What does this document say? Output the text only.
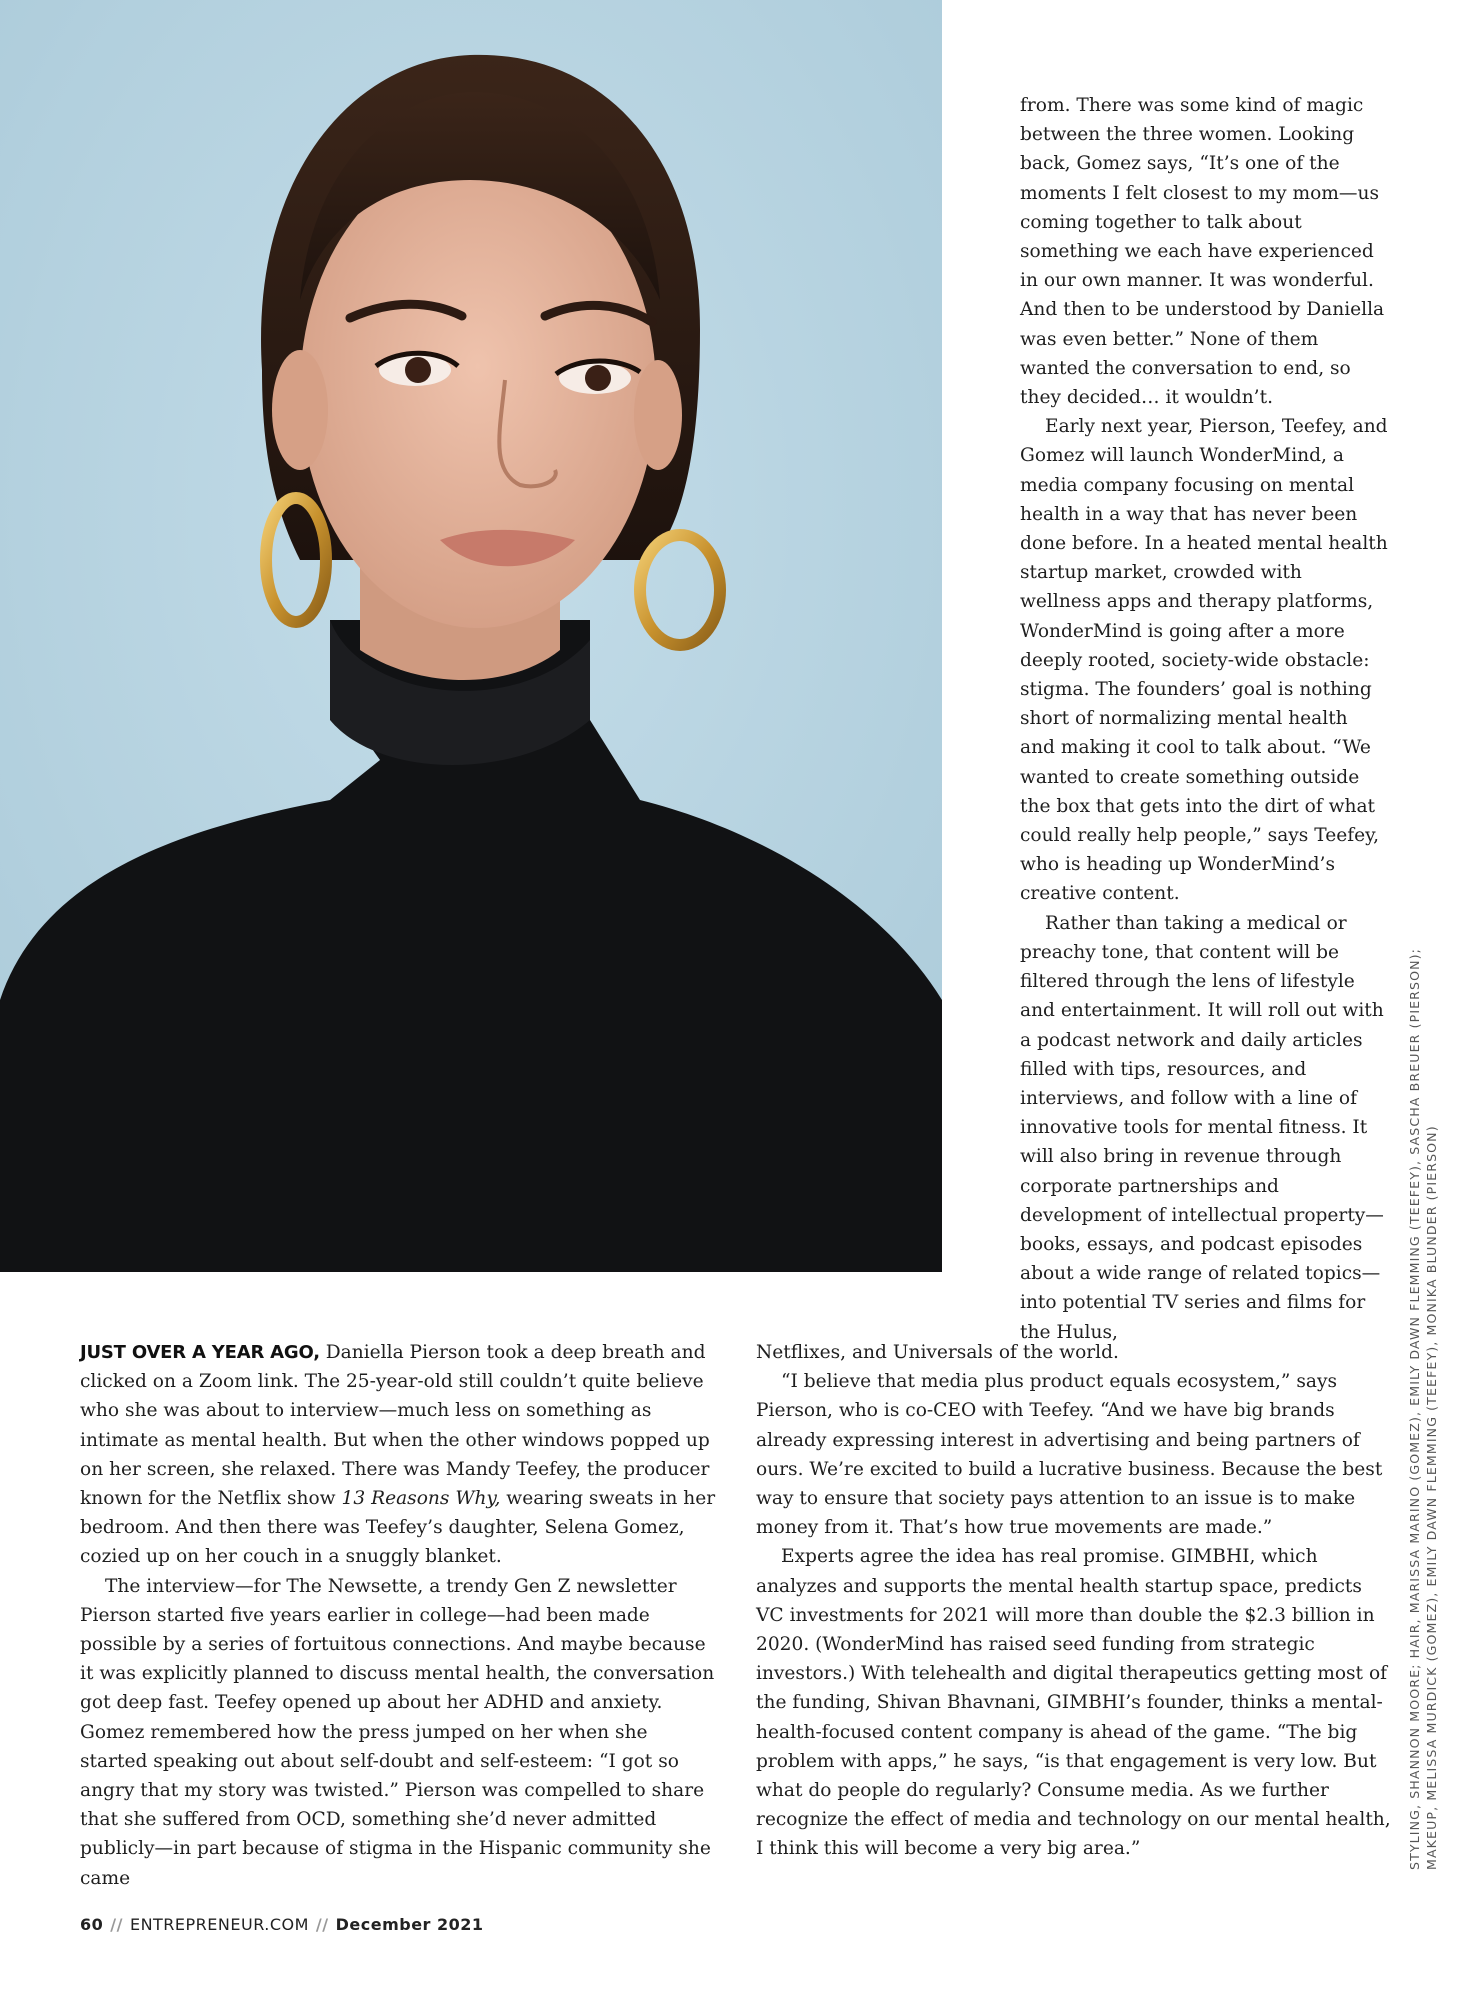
from. There was some kind of magic between the three women. Looking back, Gomez says, “It’s one of the moments I felt closest to my mom—us coming together to talk about something we each have experienced in our own manner. It was wonderful. And then to be understood by Daniella was even better.” None of them wanted the conversation to end, so they decided… it wouldn’t.

Early next year, Pierson, Teefey, and Gomez will launch WonderMind, a media company focusing on mental health in a way that has never been done before. In a heated mental health startup market, crowded with wellness apps and therapy platforms, WonderMind is going after a more deeply rooted, society-wide obstacle: stigma. The founders’ goal is nothing short of normalizing mental health and making it cool to talk about. “We wanted to create something outside the box that gets into the dirt of what could really help people,” says Teefey, who is heading up WonderMind’s creative content.

Rather than taking a medical or preachy tone, that content will be filtered through the lens of lifestyle and entertainment. It will roll out with a podcast network and daily articles filled with tips, resources, and interviews, and follow with a line of innovative tools for mental fitness. It will also bring in revenue through corporate partnerships and development of intellectual property—books, essays, and podcast episodes about a wide range of related topics—into potential TV series and films for the Hulus,

JUST OVER A YEAR AGO, Daniella Pierson took a deep breath and clicked on a Zoom link. The 25-year-old still couldn’t quite believe who she was about to interview—much less on something as intimate as mental health. But when the other windows popped up on her screen, she relaxed. There was Mandy Teefey, the producer known for the Netflix show 13 Reasons Why, wearing sweats in her bedroom. And then there was Teefey’s daughter, Selena Gomez, cozied up on her couch in a snuggly blanket.

The interview—for The Newsette, a trendy Gen Z newsletter Pierson started five years earlier in college—had been made possible by a series of fortuitous connections. And maybe because it was explicitly planned to discuss mental health, the conversation got deep fast. Teefey opened up about her ADHD and anxiety. Gomez remembered how the press jumped on her when she started speaking out about self-doubt and self-esteem: “I got so angry that my story was twisted.” Pierson was compelled to share that she suffered from OCD, something she’d never admitted publicly—in part because of stigma in the Hispanic community she came

Netflixes, and Universals of the world.

“I believe that media plus product equals ecosystem,” says Pierson, who is co-CEO with Teefey. “And we have big brands already expressing interest in advertising and being partners of ours. We’re excited to build a lucrative business. Because the best way to ensure that society pays attention to an issue is to make money from it. That’s how true movements are made.”

Experts agree the idea has real promise. GIMBHI, which analyzes and supports the mental health startup space, predicts VC investments for 2021 will more than double the $2.3 billion in 2020. (WonderMind has raised seed funding from strategic investors.) With telehealth and digital therapeutics getting most of the funding, Shivan Bhavnani, GIMBHI’s founder, thinks a mental-health-focused content company is ahead of the game. “The big problem with apps,” he says, “is that engagement is very low. But what do people do regularly? Consume media. As we further recognize the effect of media and technology on our mental health, I think this will become a very big area.”	STYLING, SHANNON MOORE; HAIR, MARISSA MARINO (GOMEZ), EMILY DAWN FLEMMING (TEEFEY), SASCHA BREUER (PIERSON); MAKEUP, MELISSA MURDICK (GOMEZ), EMILY DAWN FLEMMING (TEEFEY), MONIKA BLUNDER (PIERSON)
60 // ENTREPRENEUR.COM // December 2021
